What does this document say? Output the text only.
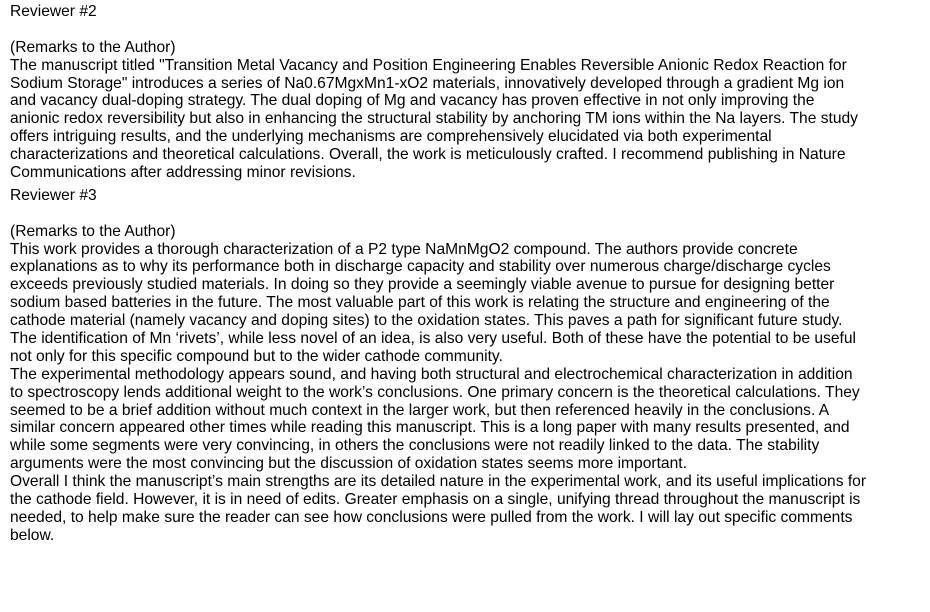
Reviewer #2
(Remarks to the Author)
The manuscript titled "Transition Metal Vacancy and Position Engineering Enables Reversible Anionic Redox Reaction for
Sodium Storage" introduces a series of Na0.67MgxMn1-xO2 materials, innovatively developed through a gradient Mg ion
and vacancy dual-doping strategy. The dual doping of Mg and vacancy has proven effective in not only improving the
anionic redox reversibility but also in enhancing the structural stability by anchoring TM ions within the Na layers. The study
offers intriguing results, and the underlying mechanisms are comprehensively elucidated via both experimental
characterizations and theoretical calculations. Overall, the work is meticulously crafted. I recommend publishing in Nature
Communications after addressing minor revisions.
Reviewer #3
(Remarks to the Author)
This work provides a thorough characterization of a P2 type NaMnMgO2 compound. The authors provide concrete
explanations as to why its performance both in discharge capacity and stability over numerous charge/discharge cycles
exceeds previously studied materials. In doing so they provide a seemingly viable avenue to pursue for designing better
sodium based batteries in the future. The most valuable part of this work is relating the structure and engineering of the
cathode material (namely vacancy and doping sites) to the oxidation states. This paves a path for significant future study.
The identification of Mn ‘rivets’, while less novel of an idea, is also very useful. Both of these have the potential to be useful
not only for this specific compound but to the wider cathode community.
The experimental methodology appears sound, and having both structural and electrochemical characterization in addition
to spectroscopy lends additional weight to the work’s conclusions. One primary concern is the theoretical calculations. They
seemed to be a brief addition without much context in the larger work, but then referenced heavily in the conclusions. A
similar concern appeared other times while reading this manuscript. This is a long paper with many results presented, and
while some segments were very convincing, in others the conclusions were not readily linked to the data. The stability
arguments were the most convincing but the discussion of oxidation states seems more important.
Overall I think the manuscript’s main strengths are its detailed nature in the experimental work, and its useful implications for
the cathode field. However, it is in need of edits. Greater emphasis on a single, unifying thread throughout the manuscript is
needed, to help make sure the reader can see how conclusions were pulled from the work. I will lay out specific comments
below.
